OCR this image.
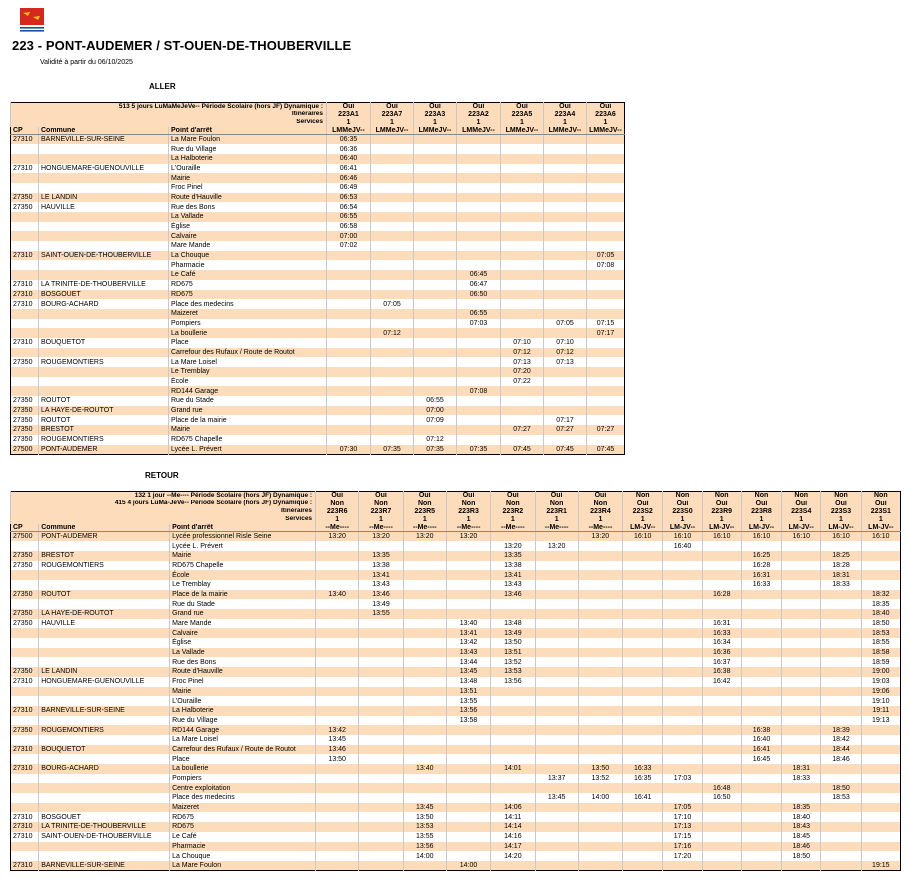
223 - PONT-AUDEMER / ST-OUEN-DE-THOUBERVILLE
Validité à partir du 06/10/2025
ALLER
513 5 jours LuMaMeJeVe-- Période Scolaire (hors JF) Dynamique :			Oui	Oui	Oui	Oui	Oui	Oui	Oui
Itinéraires			223A1	223A7	223A3	223A2	223A5	223A4	223A6
Services			1	1	1	1	1	1	1
CP	Commune	Point d'arrêt	LMMeJV--	LMMeJV--	LMMeJV--	LMMeJV--	LMMeJV--	LMMeJV--	LMMeJV--
27310	BARNEVILLE-SUR-SEINE	La Mare Foulon	06:35						
		Rue du Village	06:36						
		La Halboterie	06:40						
27310	HONGUEMARE-GUENOUVILLE	L'Ouraille	06:41						
		Mairie	06:46						
		Froc Pinel	06:49						
27350	LE LANDIN	Route d'Hauville	06:53						
27350	HAUVILLE	Rue des Bons	06:54						
		La Vallade	06:55						
		Église	06:58						
		Calvaire	07:00						
		Mare Mande	07:02						
27310	SAINT-OUEN-DE-THOUBERVILLE	La Chouque							07:05
		Pharmacie							07:08
		Le Café				06:45			
27310	LA TRINITE-DE-THOUBERVILLE	RD675				06:47			
27310	BOSGOUET	RD675				06:50			
27310	BOURG-ACHARD	Place des medecins		07:05					
		Maizeret				06:55			
		Pompiers				07:03		07:05	07:15
		La boullerie		07:12					07:17
27310	BOUQUETOT	Place					07:10	07:10	
		Carrefour des Rufaux / Route de Routot					07:12	07:12	
27350	ROUGEMONTIERS	La Mare Loisel					07:13	07:13	
		Le Tremblay					07:20		
		École					07:22		
		RD144 Garage				07:08			
27350	ROUTOT	Rue du Stade			06:55				
27350	LA HAYE-DE-ROUTOT	Grand rue			07:00				
27350	ROUTOT	Place de la mairie			07:09			07:17	
27350	BRESTOT	Mairie					07:27	07:27	07:27
27350	ROUGEMONTIERS	RD675 Chapelle			07:12				
27500	PONT-AUDEMER	Lycée L. Prévert	07:30	07:35	07:35	07:35	07:45	07:45	07:45
RETOUR
132 1 jour --Me---- Période Scolaire (hors JF) Dynamique :			Oui	Oui	Oui	Oui	Oui	Oui	Oui	Non	Non	Non	Non	Non	Non	Non
415 4 jours LuMa-JeVe-- Période Scolaire (hors JF) Dynamique :			Non	Non	Non	Non	Non	Non	Non	Oui	Oui	Oui	Oui	Oui	Oui	Oui
Itinéraires			223R6	223R7	223R5	223R3	223R2	223R1	223R4	223S2	223S0	223R9	223R8	223S4	223S3	223S1
Services			1	1	1	1	1	1	1	1	1	1	1	1	1	1
CP	Commune	Point d'arrêt	--Me----	--Me----	--Me----	--Me----	--Me----	--Me----	--Me----	LM-JV--	LM-JV--	LM-JV--	LM-JV--	LM-JV--	LM-JV--	LM-JV--
27500	PONT-AUDEMER	Lycée professionnel Risle Seine	13:20	13:20	13:20	13:20			13:20	16:10	16:10	16:10	16:10	16:10	16:10	16:10
		Lycée L. Prévert					13:20	13:20			16:40					
27350	BRESTOT	Mairie		13:35			13:35						16:25		18:25	
27350	ROUGEMONTIERS	RD675 Chapelle		13:38			13:38						16:28		18:28	
		École		13:41			13:41						16:31		18:31	
		Le Tremblay		13:43			13:43						16:33		18:33	
27350	ROUTOT	Place de la mairie	13:40	13:46			13:46					16:28				18:32
		Rue du Stade		13:49												18:35
27350	LA HAYE-DE-ROUTOT	Grand rue		13:55												18:40
27350	HAUVILLE	Mare Mande				13:40	13:48					16:31				18:50
		Calvaire				13:41	13:49					16:33				18:53
		Église				13:42	13:50					16:34				18:55
		La Vallade				13:43	13:51					16:36				18:58
		Rue des Bons				13:44	13:52					16:37				18:59
27350	LE LANDIN	Route d'Hauville				13:45	13:53					16:38				19:00
27310	HONGUEMARE-GUENOUVILLE	Froc Pinel				13:48	13:56					16:42				19:03
		Mairie				13:51										19:06
		L'Ouraille				13:55										19:10
27310	BARNEVILLE-SUR-SEINE	La Halboterie				13:56										19:11
		Rue du Village				13:58										19:13
27350	ROUGEMONTIERS	RD144 Garage	13:42										16:38		18:39	
		La Mare Loisel	13:45										16:40		18:42	
27310	BOUQUETOT	Carrefour des Rufaux / Route de Routot	13:46										16:41		18:44	
		Place	13:50										16:45		18:46	
27310	BOURG-ACHARD	La boullerie			13:40		14:01		13:50	16:33				18:31		
		Pompiers						13:37	13:52	16:35	17:03			18:33		
		Centre exploitation										16:48			18:50	
		Place des medecins						13:45	14:00	16:41		16:50			18:53	
		Maizeret			13:45		14:06				17:05			18:35		
27310	BOSGOUET	RD675			13:50		14:11				17:10			18:40		
27310	LA TRINITE-DE-THOUBERVILLE	RD675			13:53		14:14				17:13			18:43		
27310	SAINT-OUEN-DE-THOUBERVILLE	Le Café			13:55		14:16				17:15			18:45		
		Pharmacie			13:56		14:17				17:16			18:46		
		La Chouque			14:00		14:20				17:20			18:50		
27310	BARNEVILLE-SUR-SEINE	La Mare Foulon				14:00										19:15
